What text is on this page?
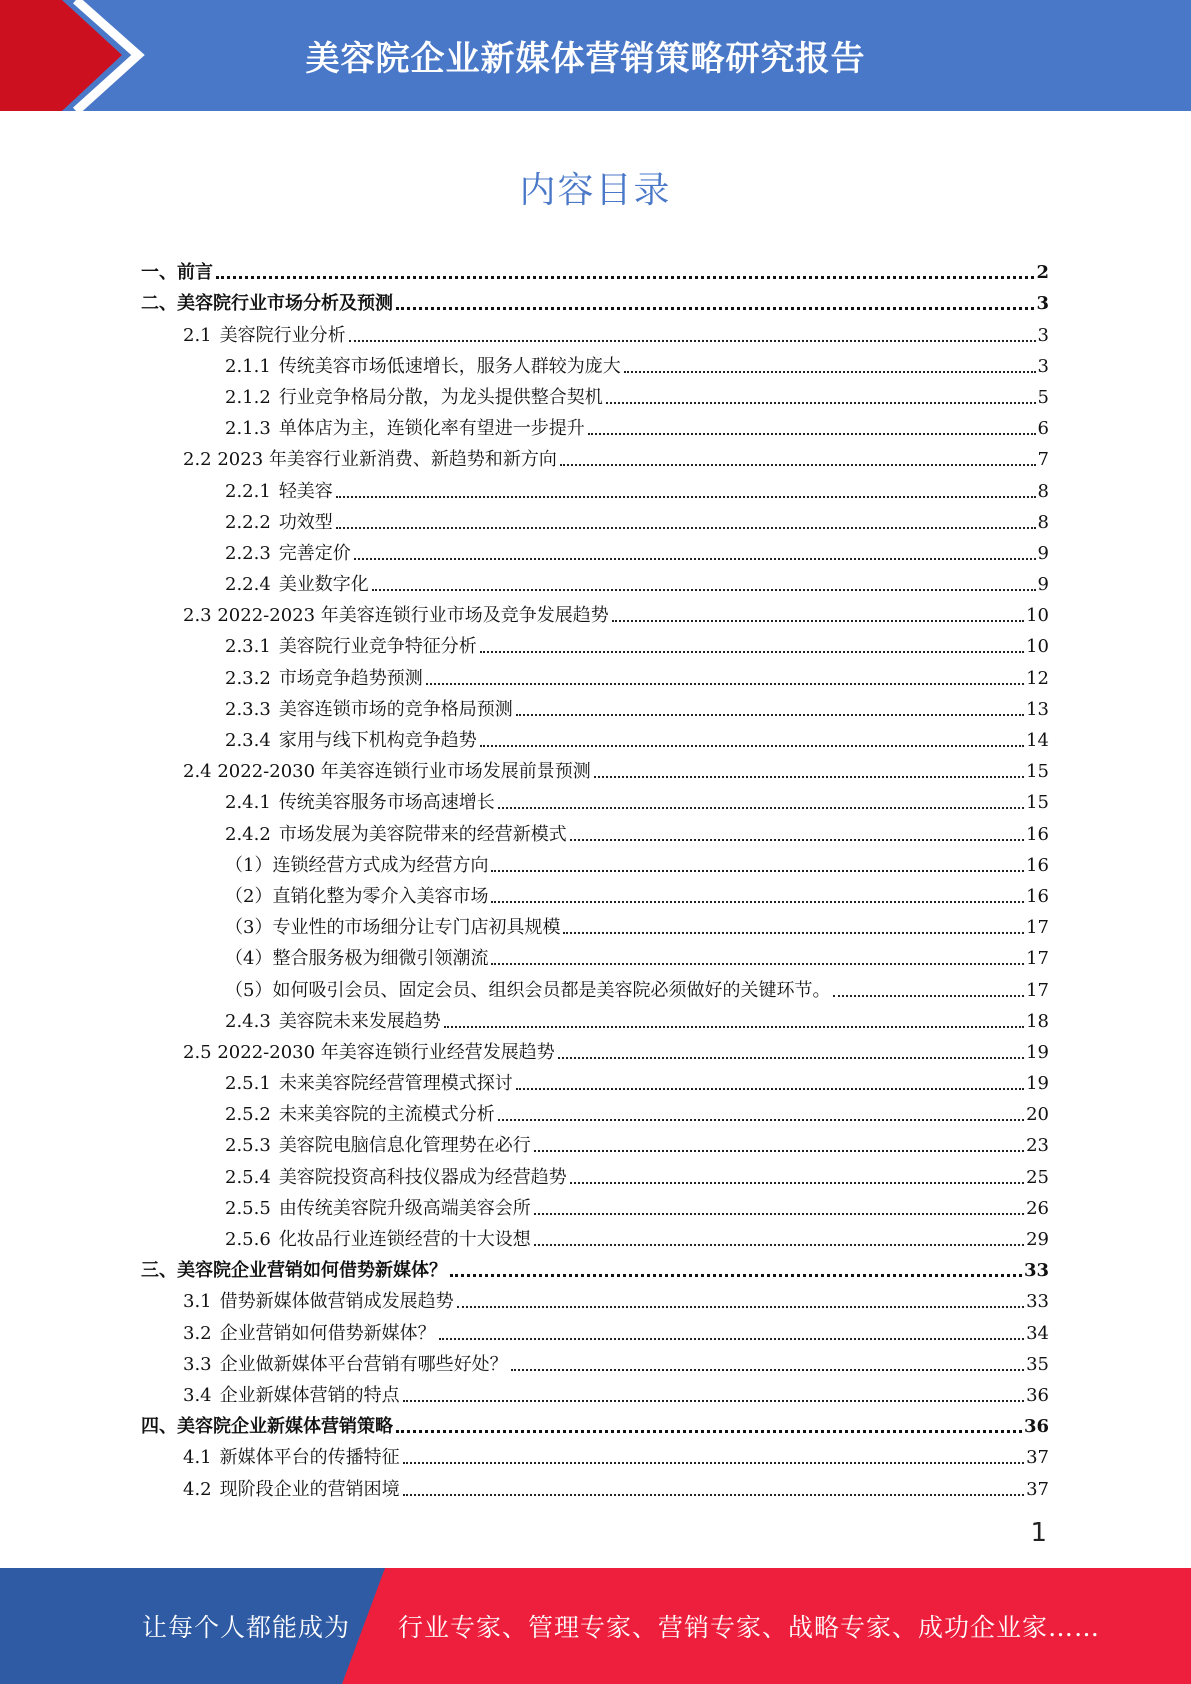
美容院企业新媒体营销策略研究报告
内容目录
一、前言	2
二、美容院行业市场分析及预测	3
2.1 美容院行业分析	3
2.1.1 传统美容市场低速增长，服务人群较为庞大	3
2.1.2 行业竞争格局分散，为龙头提供整合契机	5
2.1.3 单体店为主，连锁化率有望进一步提升	6
2.2 2023 年美容行业新消费、新趋势和新方向	7
2.2.1 轻美容	8
2.2.2 功效型	8
2.2.3 完善定价	9
2.2.4 美业数字化	9
2.3 2022-2023 年美容连锁行业市场及竞争发展趋势	10
2.3.1 美容院行业竞争特征分析	10
2.3.2 市场竞争趋势预测	12
2.3.3 美容连锁市场的竞争格局预测	13
2.3.4 家用与线下机构竞争趋势	14
2.4 2022-2030 年美容连锁行业市场发展前景预测	15
2.4.1 传统美容服务市场高速增长	15
2.4.2 市场发展为美容院带来的经营新模式	16
（1）连锁经营方式成为经营方向	16
（2）直销化整为零介入美容市场	16
（3）专业性的市场细分让专门店初具规模	17
（4）整合服务极为细微引领潮流	17
（5）如何吸引会员、固定会员、组织会员都是美容院必须做好的关键环节。	17
2.4.3 美容院未来发展趋势	18
2.5 2022-2030 年美容连锁行业经营发展趋势	19
2.5.1 未来美容院经营管理模式探讨	19
2.5.2 未来美容院的主流模式分析	20
2.5.3 美容院电脑信息化管理势在必行	23
2.5.4 美容院投资高科技仪器成为经营趋势	25
2.5.5 由传统美容院升级高端美容会所	26
2.5.6 化妆品行业连锁经营的十大设想	29
三、美容院企业营销如何借势新媒体？	33
3.1 借势新媒体做营销成发展趋势	33
3.2 企业营销如何借势新媒体？	34
3.3 企业做新媒体平台营销有哪些好处？	35
3.4 企业新媒体营销的特点	36
四、美容院企业新媒体营销策略	36
4.1 新媒体平台的传播特征	37
4.2 现阶段企业的营销困境	37
1
让每个人都能成为 行业专家、管理专家、营销专家、战略专家、成功企业家……
